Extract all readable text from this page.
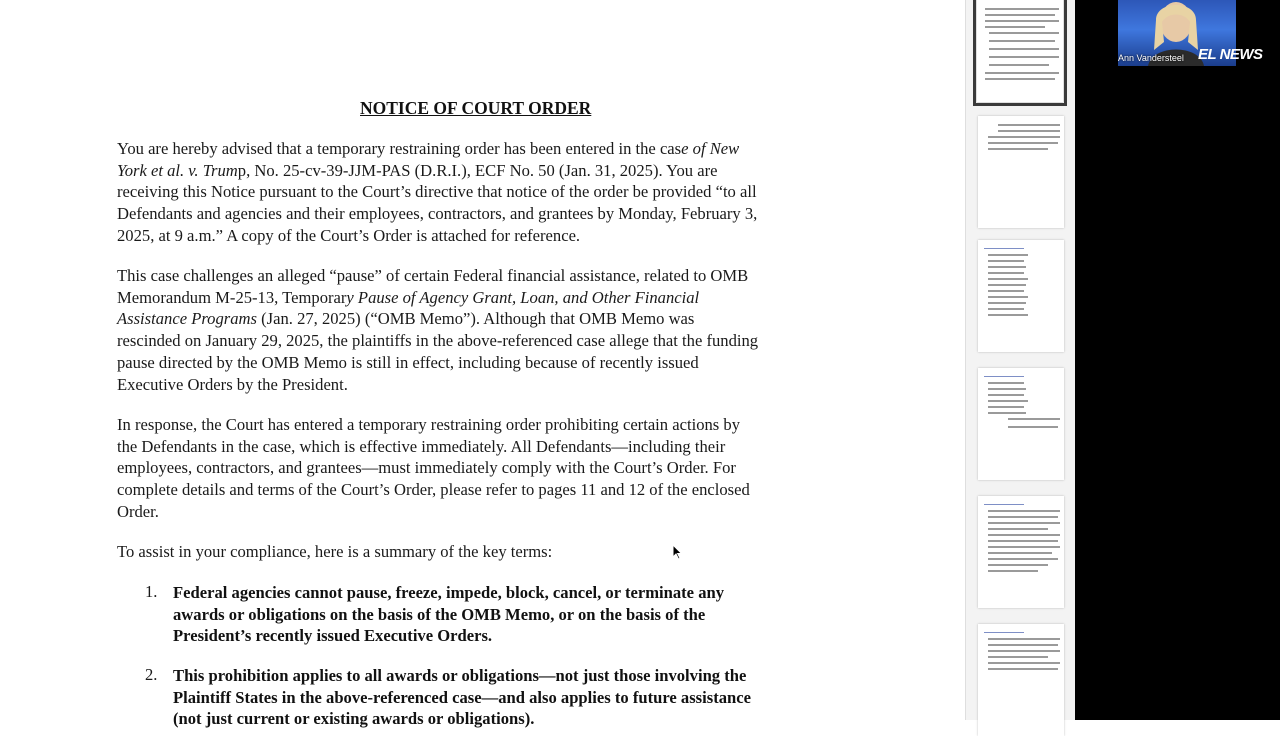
NOTICE OF COURT ORDER
You are hereby advised that a temporary restraining order has been entered in the case of New
York et al. v. Trump, No. 25-cv-39-JJM-PAS (D.R.I.), ECF No. 50 (Jan. 31, 2025). You are
receiving this Notice pursuant to the Court’s directive that notice of the order be provided “to all
Defendants and agencies and their employees, contractors, and grantees by Monday, February 3,
2025, at 9 a.m.” A copy of the Court’s Order is attached for reference.
This case challenges an alleged “pause” of certain Federal financial assistance, related to OMB
Memorandum M-25-13, Temporary Pause of Agency Grant, Loan, and Other Financial
Assistance Programs (Jan. 27, 2025) (“OMB Memo”). Although that OMB Memo was
rescinded on January 29, 2025, the plaintiffs in the above-referenced case allege that the funding
pause directed by the OMB Memo is still in effect, including because of recently issued
Executive Orders by the President.
In response, the Court has entered a temporary restraining order prohibiting certain actions by
the Defendants in the case, which is effective immediately. All Defendants—including their
employees, contractors, and grantees—must immediately comply with the Court’s Order. For
complete details and terms of the Court’s Order, please refer to pages 11 and 12 of the enclosed
Order.
To assist in your compliance, here is a summary of the key terms:
1. Federal agencies cannot pause, freeze, impede, block, cancel, or terminate any
awards or obligations on the basis of the OMB Memo, or on the basis of the
President’s recently issued Executive Orders.
2. This prohibition applies to all awards or obligations—not just those involving the
Plaintiff States in the above-referenced case—and also applies to future assistance
(not just current or existing awards or obligations).
Ann Vandersteel EL NEWS
